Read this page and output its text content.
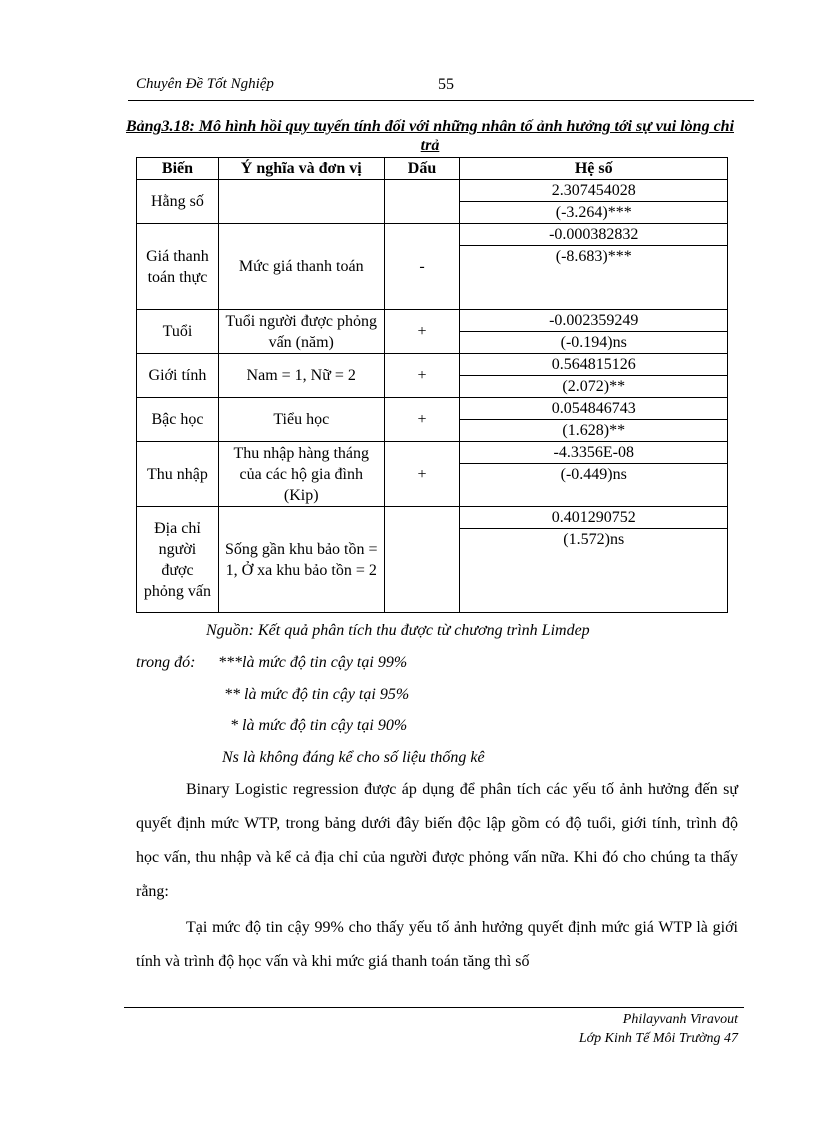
Chuyên Đề Tốt Nghiệp	55
Bảng3.18: Mô hình hồi quy tuyến tính đối với những nhân tố ảnh hưởng tới sự vui lòng chi trả
Biến	Ý nghĩa và đơn vị	Dấu	Hệ số
Hằng số			2.307454028
			(-3.264)***
Giá thanh toán thực	Mức giá thanh toán	-	-0.000382832
			(-8.683)***
Tuổi	Tuổi người được phỏng vấn (năm)	+	-0.002359249
			(-0.194)ns
Giới tính	Nam = 1, Nữ = 2	+	0.564815126
			(2.072)**
Bậc học	Tiểu học	+	0.054846743
			(1.628)**
Thu nhập	Thu nhập hàng tháng của các hộ gia đình (Kip)	+	-4.3356E-08
			(-0.449)ns
Địa chỉ người được phỏng vấn	Sống gần khu bảo tồn = 1, Ở xa khu bảo tồn = 2		0.401290752
			(1.572)ns
Nguồn: Kết quả phân tích thu được từ chương trình Limdep
trong đó: ***là mức độ tin cậy tại 99%
** là mức độ tin cậy tại 95%
* là mức độ tin cậy tại 90%
Ns là không đáng kể cho số liệu thống kê
Binary Logistic regression được áp dụng để phân tích các yếu tố ảnh hưởng đến sự quyết định mức WTP, trong bảng dưới đây biến độc lập gồm có độ tuổi, giới tính, trình độ học vấn, thu nhập và kể cả địa chỉ của người được phỏng vấn nữa. Khi đó cho chúng ta thấy rằng:
Tại mức độ tin cậy 99% cho thấy yếu tố ảnh hưởng quyết định mức giá WTP là giới tính và trình độ học vấn và khi mức giá thanh toán tăng thì số
Philayvanh Viravout
Lớp Kinh Tế Môi Trường 47
